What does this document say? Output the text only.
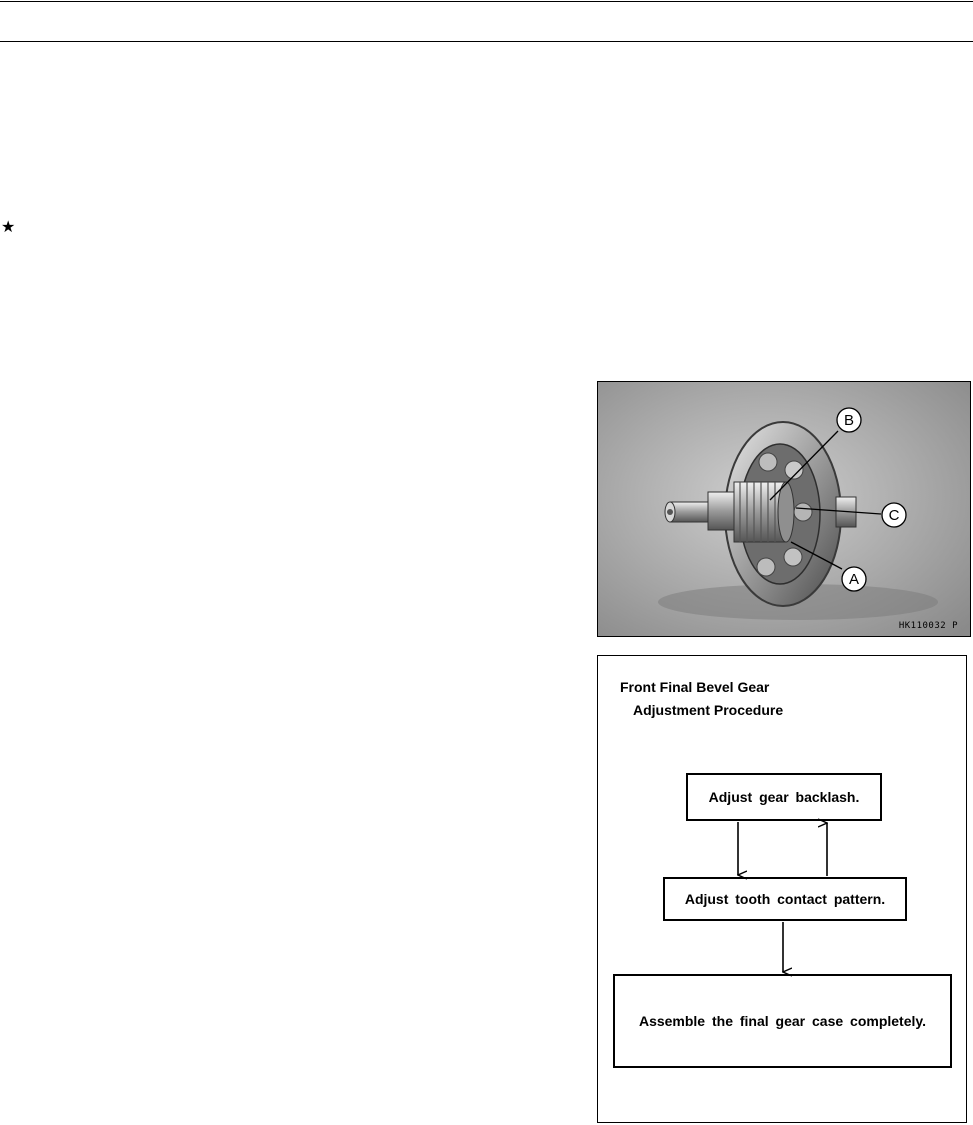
★
B
C
A
HK110032 P
Front Final Bevel Gear
Adjustment Procedure
Adjust gear backlash.
Adjust tooth contact pattern.
Assemble the final gear case completely.
